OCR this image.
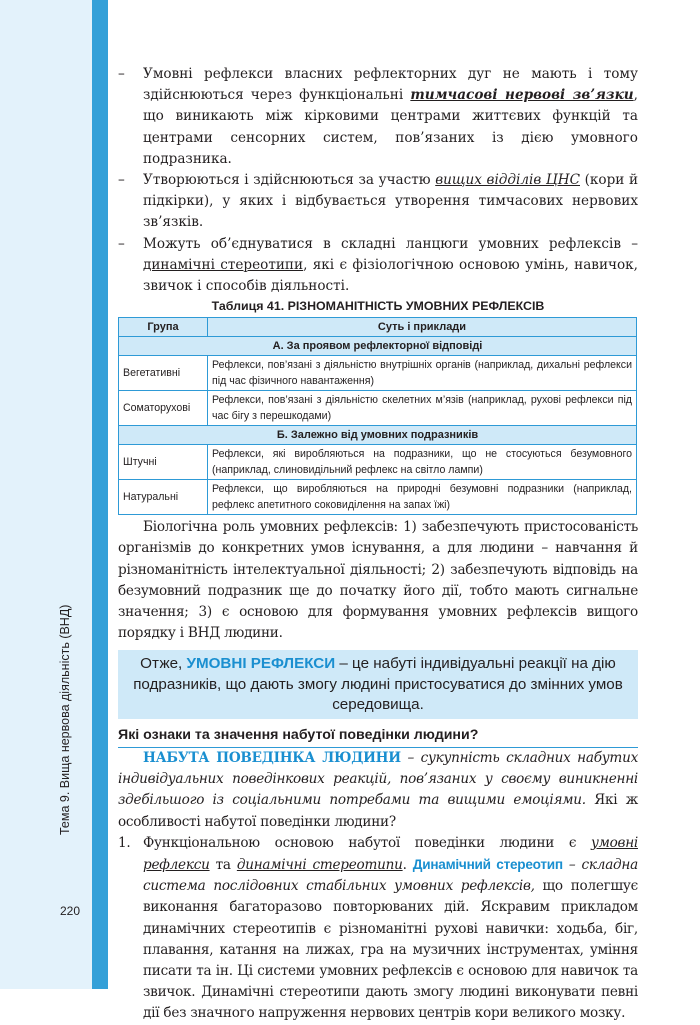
Тема 9. Вища нервова діяльність (ВНД)
220
– Умовні рефлекси власних рефлекторних дуг не мають і тому здійснюються через функціональні тимчасові нервові зв’язки, що виникають між кірковими центрами життєвих функцій та центрами сенсорних систем, пов’язаних із дією умовного подразника.
– Утворюються і здійснюються за участю вищих відділів ЦНС (кори й підкірки), у яких і відбувається утворення тимчасових нервових зв’язків.
– Можуть об’єднуватися в складні ланцюги умовних рефлексів – динамічні стереотипи, які є фізіологічною основою умінь, навичок, звичок і способів діяльності.
Таблиця 41. РІЗНОМАНІТНІСТЬ УМОВНИХ РЕФЛЕКСІВ
Група	Суть і приклади
А. За проявом рефлекторної відповіді	
Вегетативні	Рефлекси, пов’язані з діяльністю внутрішніх органів (наприклад, дихальні рефлекси під час фізичного навантаження)
Соматорухові	Рефлекси, пов’язані з діяльністю скелетних м’язів (наприклад, рухові рефлекси під час бігу з перешкодами)
Б. Залежно від умовних подразників	
Штучні	Рефлекси, які виробляються на подразники, що не стосуються безумовного (наприклад, слиновидільний рефлекс на світло лампи)
Натуральні	Рефлекси, що виробляються на природні безумовні подразники (наприклад, рефлекс апетитного соковиділення на запах їжі)
Біологічна роль умовних рефлексів: 1) забезпечують пристосованість організмів до конкретних умов існування, а для людини – навчання й різноманітність інтелектуальної діяльності; 2) забезпечують відповідь на безумовний подразник ще до початку його дії, тобто мають сигнальне значення; 3) є основою для формування умовних рефлексів вищого порядку і ВНД людини.
Отже, УМОВНІ РЕФЛЕКСИ – це набуті індивідуальні реакції на дію подразників, що дають змогу людині пристосуватися до змінних умов середовища.
Які ознаки та значення набутої поведінки людини?
НАБУТА ПОВЕДІНКА ЛЮДИНИ – сукупність складних набутих індивідуальних поведінкових реакцій, пов’язаних у своєму виникненні здебільшого із соціальними потребами та вищими емоціями. Які ж особливості набутої поведінки людини?
1. Функціональною основою набутої поведінки людини є умовні рефлекси та динамічні стереотипи. Динамічний стереотип – складна система послідовних стабільних умовних рефлексів, що полегшує виконання багаторазово повторюваних дій. Яскравим прикладом динамічних стереотипів є різноманітні рухові навички: ходьба, біг, плавання, катання на лижах, гра на музичних інструментах, уміння писати та ін. Ці системи умовних рефлексів є основою для навичок та звичок. Динамічні стереотипи дають змогу людині виконувати певні дії без значного напруження нервових центрів кори великого мозку.
